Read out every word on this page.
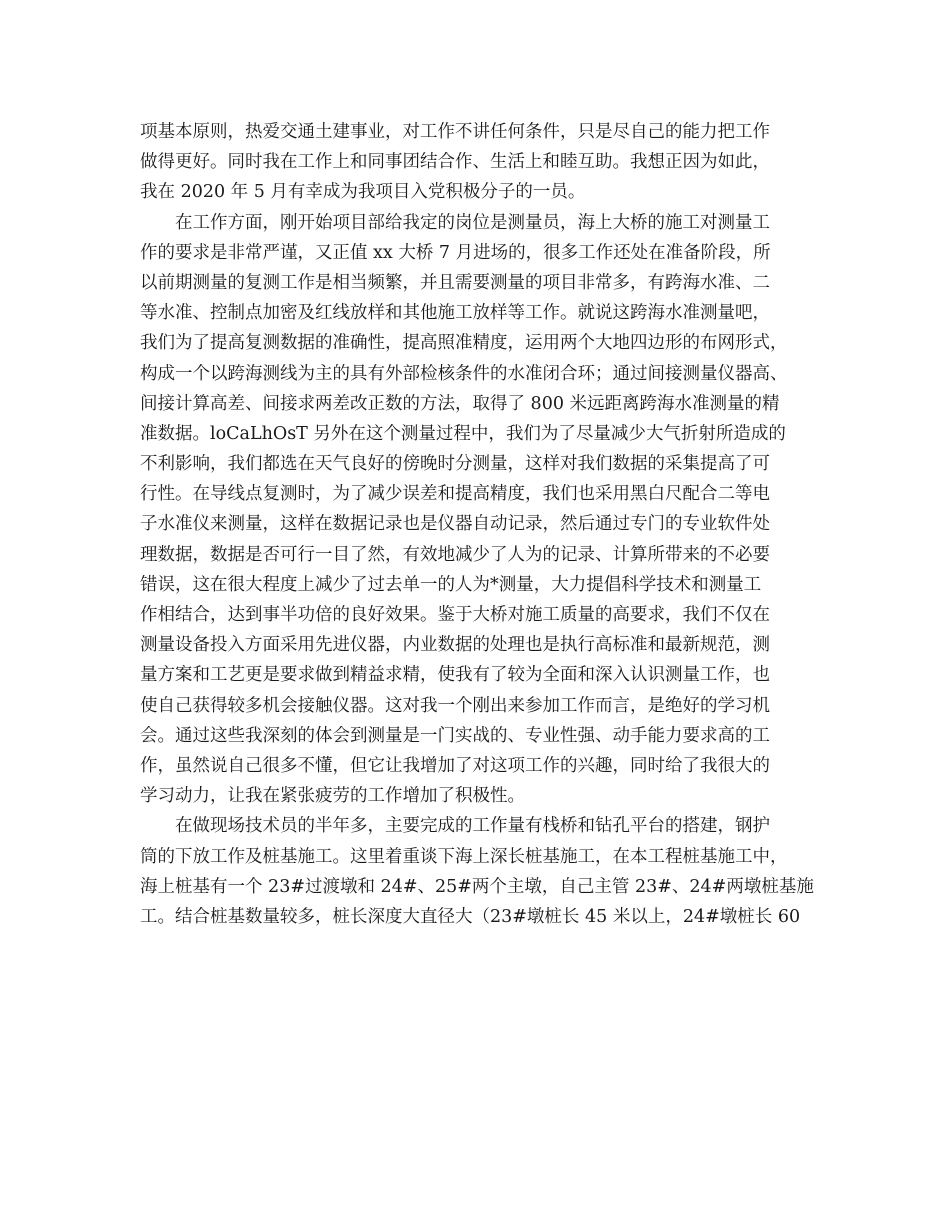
项基本原则，热爱交通土建事业，对工作不讲任何条件，只是尽自己的能力把工作
做得更好。同时我在工作上和同事团结合作、生活上和睦互助。我想正因为如此，
我在 2020 年 5 月有幸成为我项目入党积极分子的一员。
在工作方面，刚开始项目部给我定的岗位是测量员，海上大桥的施工对测量工
作的要求是非常严谨，又正值 xx 大桥 7 月进场的，很多工作还处在准备阶段，所
以前期测量的复测工作是相当频繁，并且需要测量的项目非常多，有跨海水准、二
等水准、控制点加密及红线放样和其他施工放样等工作。就说这跨海水准测量吧，
我们为了提高复测数据的准确性，提高照准精度，运用两个大地四边形的布网形式，
构成一个以跨海测线为主的具有外部检核条件的水准闭合环；通过间接测量仪器高、
间接计算高差、间接求两差改正数的方法，取得了 800 米远距离跨海水准测量的精
准数据。loCaLhOsT 另外在这个测量过程中，我们为了尽量减少大气折射所造成的
不利影响，我们都选在天气良好的傍晚时分测量，这样对我们数据的采集提高了可
行性。在导线点复测时，为了减少误差和提高精度，我们也采用黑白尺配合二等电
子水准仪来测量，这样在数据记录也是仪器自动记录，然后通过专门的专业软件处
理数据，数据是否可行一目了然，有效地减少了人为的记录、计算所带来的不必要
错误，这在很大程度上减少了过去单一的人为*测量，大力提倡科学技术和测量工
作相结合，达到事半功倍的良好效果。鉴于大桥对施工质量的高要求，我们不仅在
测量设备投入方面采用先进仪器，内业数据的处理也是执行高标准和最新规范，测
量方案和工艺更是要求做到精益求精，使我有了较为全面和深入认识测量工作，也
使自己获得较多机会接触仪器。这对我一个刚出来参加工作而言，是绝好的学习机
会。通过这些我深刻的体会到测量是一门实战的、专业性强、动手能力要求高的工
作，虽然说自己很多不懂，但它让我增加了对这项工作的兴趣，同时给了我很大的
学习动力，让我在紧张疲劳的工作增加了积极性。
在做现场技术员的半年多，主要完成的工作量有栈桥和钻孔平台的搭建，钢护
筒的下放工作及桩基施工。这里着重谈下海上深长桩基施工，在本工程桩基施工中，
海上桩基有一个 23#过渡墩和 24#、25#两个主墩，自己主管 23#、24#两墩桩基施
工。结合桩基数量较多，桩长深度大直径大（23#墩桩长 45 米以上，24#墩桩长 60
